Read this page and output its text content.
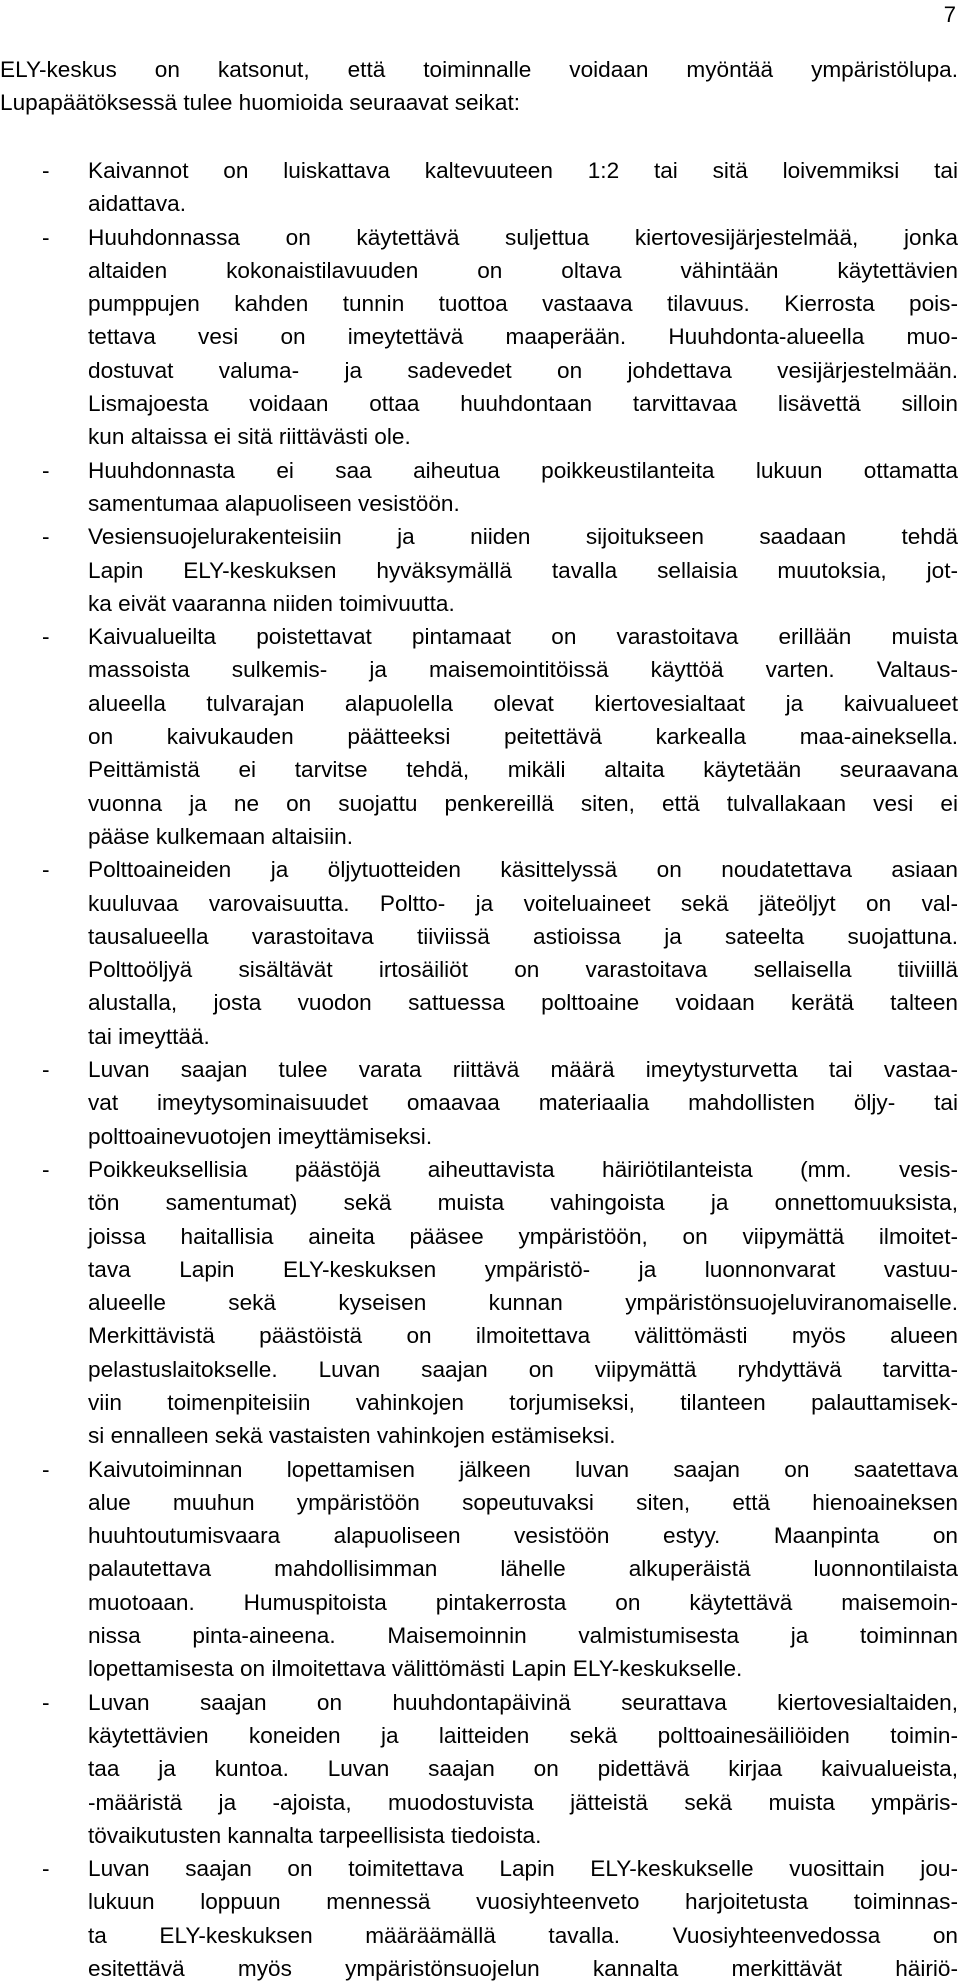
7
ELY-keskus on katsonut, että toiminnalle voidaan myöntää ympäristölupa.
Lupapäätöksessä tulee huomioida seuraavat seikat:
- Kaivannot on luiskattava kaltevuuteen 1:2 tai sitä loivemmiksi tai
aidattava.
- Huuhdonnassa on käytettävä suljettua kiertovesijärjestelmää, jonka
altaiden kokonaistilavuuden on oltava vähintään käytettävien
pumppujen kahden tunnin tuottoa vastaava tilavuus. Kierrosta pois-
tettava vesi on imeytettävä maaperään. Huuhdonta-alueella muo-
dostuvat valuma- ja sadevedet on johdettava vesijärjestelmään.
Lismajoesta voidaan ottaa huuhdontaan tarvittavaa lisävettä silloin
kun altaissa ei sitä riittävästi ole.
- Huuhdonnasta ei saa aiheutua poikkeustilanteita lukuun ottamatta
samentumaa alapuoliseen vesistöön.
- Vesiensuojelurakenteisiin ja niiden sijoitukseen saadaan tehdä
Lapin ELY-keskuksen hyväksymällä tavalla sellaisia muutoksia, jot-
ka eivät vaaranna niiden toimivuutta.
- Kaivualueilta poistettavat pintamaat on varastoitava erillään muista
massoista sulkemis- ja maisemointitöissä käyttöä varten. Valtaus-
alueella tulvarajan alapuolella olevat kiertovesialtaat ja kaivualueet
on kaivukauden päätteeksi peitettävä karkealla maa-aineksella.
Peittämistä ei tarvitse tehdä, mikäli altaita käytetään seuraavana
vuonna ja ne on suojattu penkereillä siten, että tulvallakaan vesi ei
pääse kulkemaan altaisiin.
- Polttoaineiden ja öljytuotteiden käsittelyssä on noudatettava asiaan
kuuluvaa varovaisuutta. Poltto- ja voiteluaineet sekä jäteöljyt on val-
tausalueella varastoitava tiiviissä astioissa ja sateelta suojattuna.
Polttoöljyä sisältävät irtosäiliöt on varastoitava sellaisella tiiviillä
alustalla, josta vuodon sattuessa polttoaine voidaan kerätä talteen
tai imeyttää.
- Luvan saajan tulee varata riittävä määrä imeytysturvetta tai vastaa-
vat imeytysominaisuudet omaavaa materiaalia mahdollisten öljy- tai
polttoainevuotojen imeyttämiseksi.
- Poikkeuksellisia päästöjä aiheuttavista häiriötilanteista (mm. vesis-
tön samentumat) sekä muista vahingoista ja onnettomuuksista,
joissa haitallisia aineita pääsee ympäristöön, on viipymättä ilmoitet-
tava Lapin ELY-keskuksen ympäristö- ja luonnonvarat vastuu-
alueelle sekä kyseisen kunnan ympäristönsuojeluviranomaiselle.
Merkittävistä päästöistä on ilmoitettava välittömästi myös alueen
pelastuslaitokselle. Luvan saajan on viipymättä ryhdyttävä tarvitta-
viin toimenpiteisiin vahinkojen torjumiseksi, tilanteen palauttamisek-
si ennalleen sekä vastaisten vahinkojen estämiseksi.
- Kaivutoiminnan lopettamisen jälkeen luvan saajan on saatettava
alue muuhun ympäristöön sopeutuvaksi siten, että hienoaineksen
huuhtoutumisvaara alapuoliseen vesistöön estyy. Maanpinta on
palautettava mahdollisimman lähelle alkuperäistä luonnontilaista
muotoaan. Humuspitoista pintakerrosta on käytettävä maisemoin-
nissa pinta-aineena. Maisemoinnin valmistumisesta ja toiminnan
lopettamisesta on ilmoitettava välittömästi Lapin ELY-keskukselle.
- Luvan saajan on huuhdontapäivinä seurattava kiertovesialtaiden,
käytettävien koneiden ja laitteiden sekä polttoainesäiliöiden toimin-
taa ja kuntoa. Luvan saajan on pidettävä kirjaa kaivualueista,
-määristä ja -ajoista, muodostuvista jätteistä sekä muista ympäris-
tövaikutusten kannalta tarpeellisista tiedoista.
- Luvan saajan on toimitettava Lapin ELY-keskukselle vuosittain jou-
lukuun loppuun mennessä vuosiyhteenveto harjoitetusta toiminnas-
ta ELY-keskuksen määräämällä tavalla. Vuosiyhteenvedossa on
esitettävä myös ympäristönsuojelun kannalta merkittävät häiriö-
